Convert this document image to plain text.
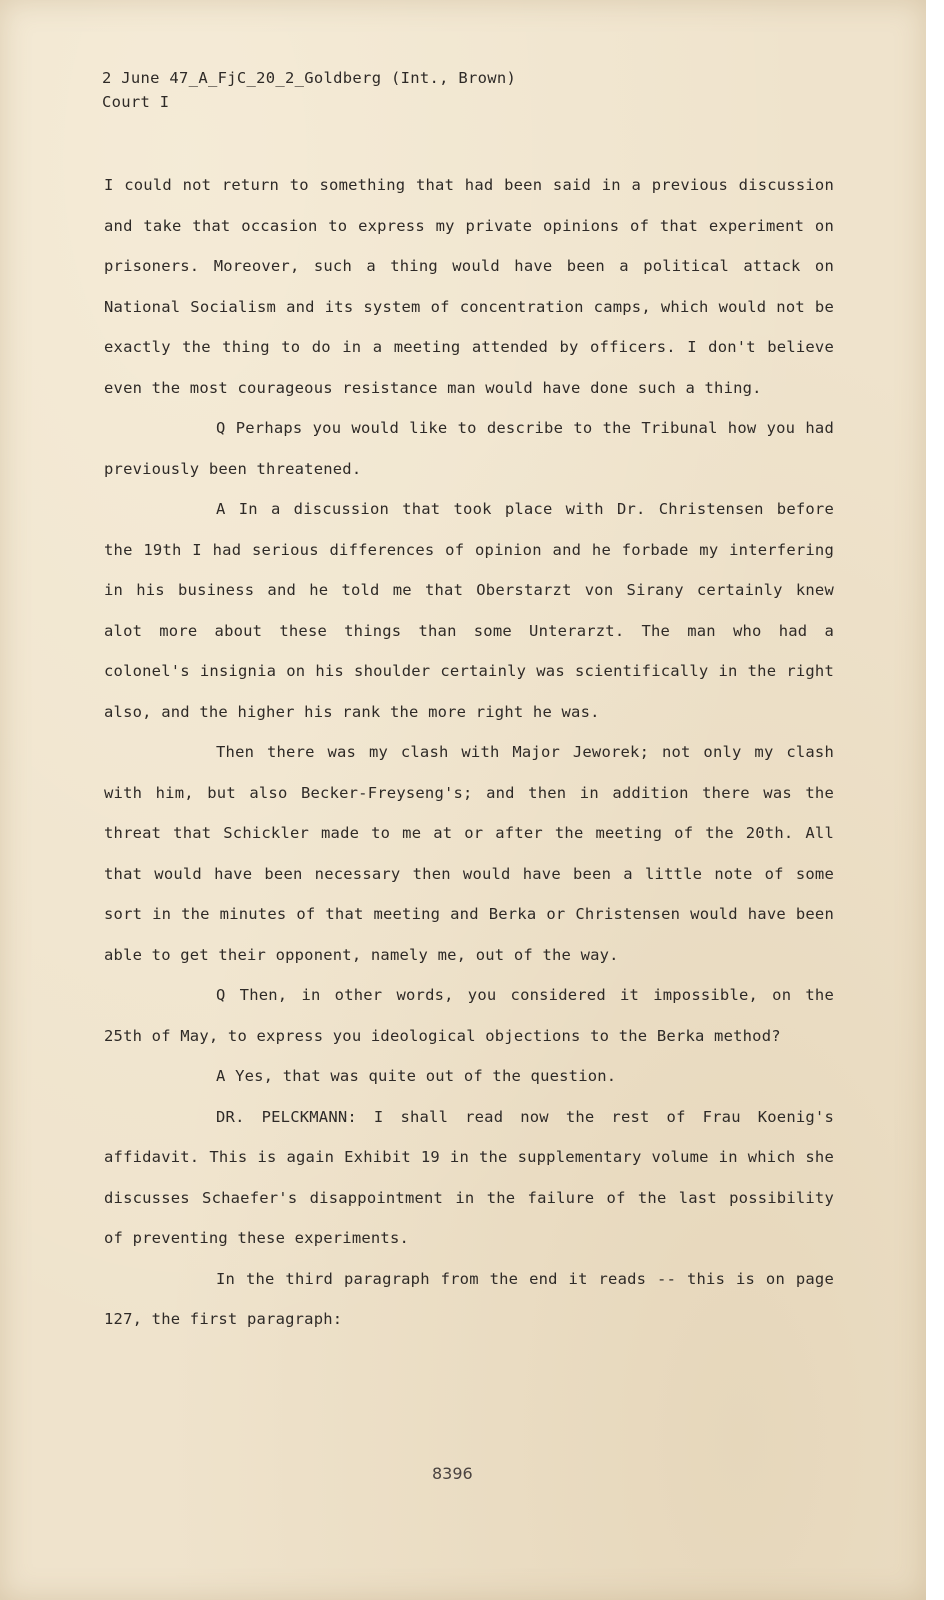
2 June 47_A_FjC_20_2_Goldberg (Int., Brown)
Court I

I could not return to something that had been said in a previous discussion and take that occasion to express my private opinions of that experiment on prisoners. Moreover, such a thing would have been a political attack on National Socialism and its system of concentration camps, which would not be exactly the thing to do in a meeting attended by officers. I don't believe even the most courageous resistance man would have done such a thing.

Q Perhaps you would like to describe to the Tribunal how you had previously been threatened.

A In a discussion that took place with Dr. Christensen before the 19th I had serious differences of opinion and he forbade my interfering in his business and he told me that Oberstarzt von Sirany certainly knew alot more about these things than some Unterarzt. The man who had a colonel's insignia on his shoulder certainly was scientifically in the right also, and the higher his rank the more right he was.

Then there was my clash with Major Jeworek; not only my clash with him, but also Becker-Freyseng's; and then in addition there was the threat that Schickler made to me at or after the meeting of the 20th. All that would have been necessary then would have been a little note of some sort in the minutes of that meeting and Berka or Christensen would have been able to get their opponent, namely me, out of the way.

Q Then, in other words, you considered it impossible, on the 25th of May, to express you ideological objections to the Berka method?

A Yes, that was quite out of the question.

DR. PELCKMANN: I shall read now the rest of Frau Koenig's affidavit. This is again Exhibit 19 in the supplementary volume in which she discusses Schaefer's disappointment in the failure of the last possibility of preventing these experiments.

In the third paragraph from the end it reads -- this is on page 127, the first paragraph:

8396
